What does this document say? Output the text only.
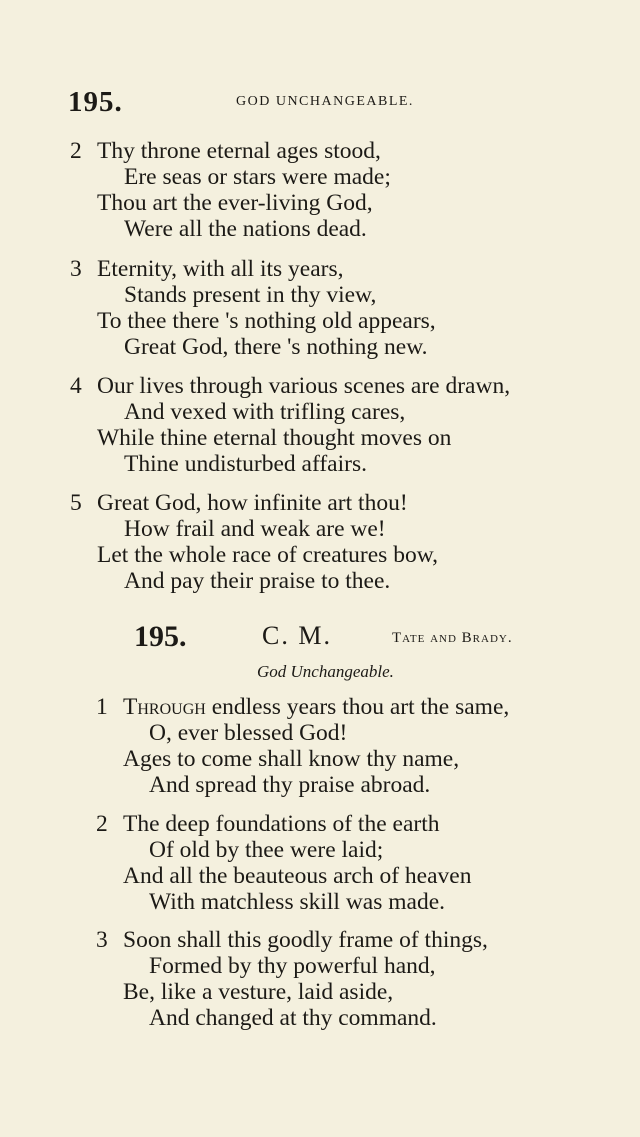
195.	GOD UNCHANGEABLE.
2 Thy throne eternal ages stood,
Ere seas or stars were made;
Thou art the ever-living God,
Were all the nations dead.
3 Eternity, with all its years,
Stands present in thy view,
To thee there 's nothing old appears,
Great God, there 's nothing new.
4 Our lives through various scenes are drawn,
And vexed with trifling cares,
While thine eternal thought moves on
Thine undisturbed affairs.
5 Great God, how infinite art thou!
How frail and weak are we!
Let the whole race of creatures bow,
And pay their praise to thee.
195.	C. M.	Tate and Brady.
God Unchangeable.
1 Through endless years thou art the same,
O, ever blessed God!
Ages to come shall know thy name,
And spread thy praise abroad.
2 The deep foundations of the earth
Of old by thee were laid;
And all the beauteous arch of heaven
With matchless skill was made.
3 Soon shall this goodly frame of things,
Formed by thy powerful hand,
Be, like a vesture, laid aside,
And changed at thy command.
